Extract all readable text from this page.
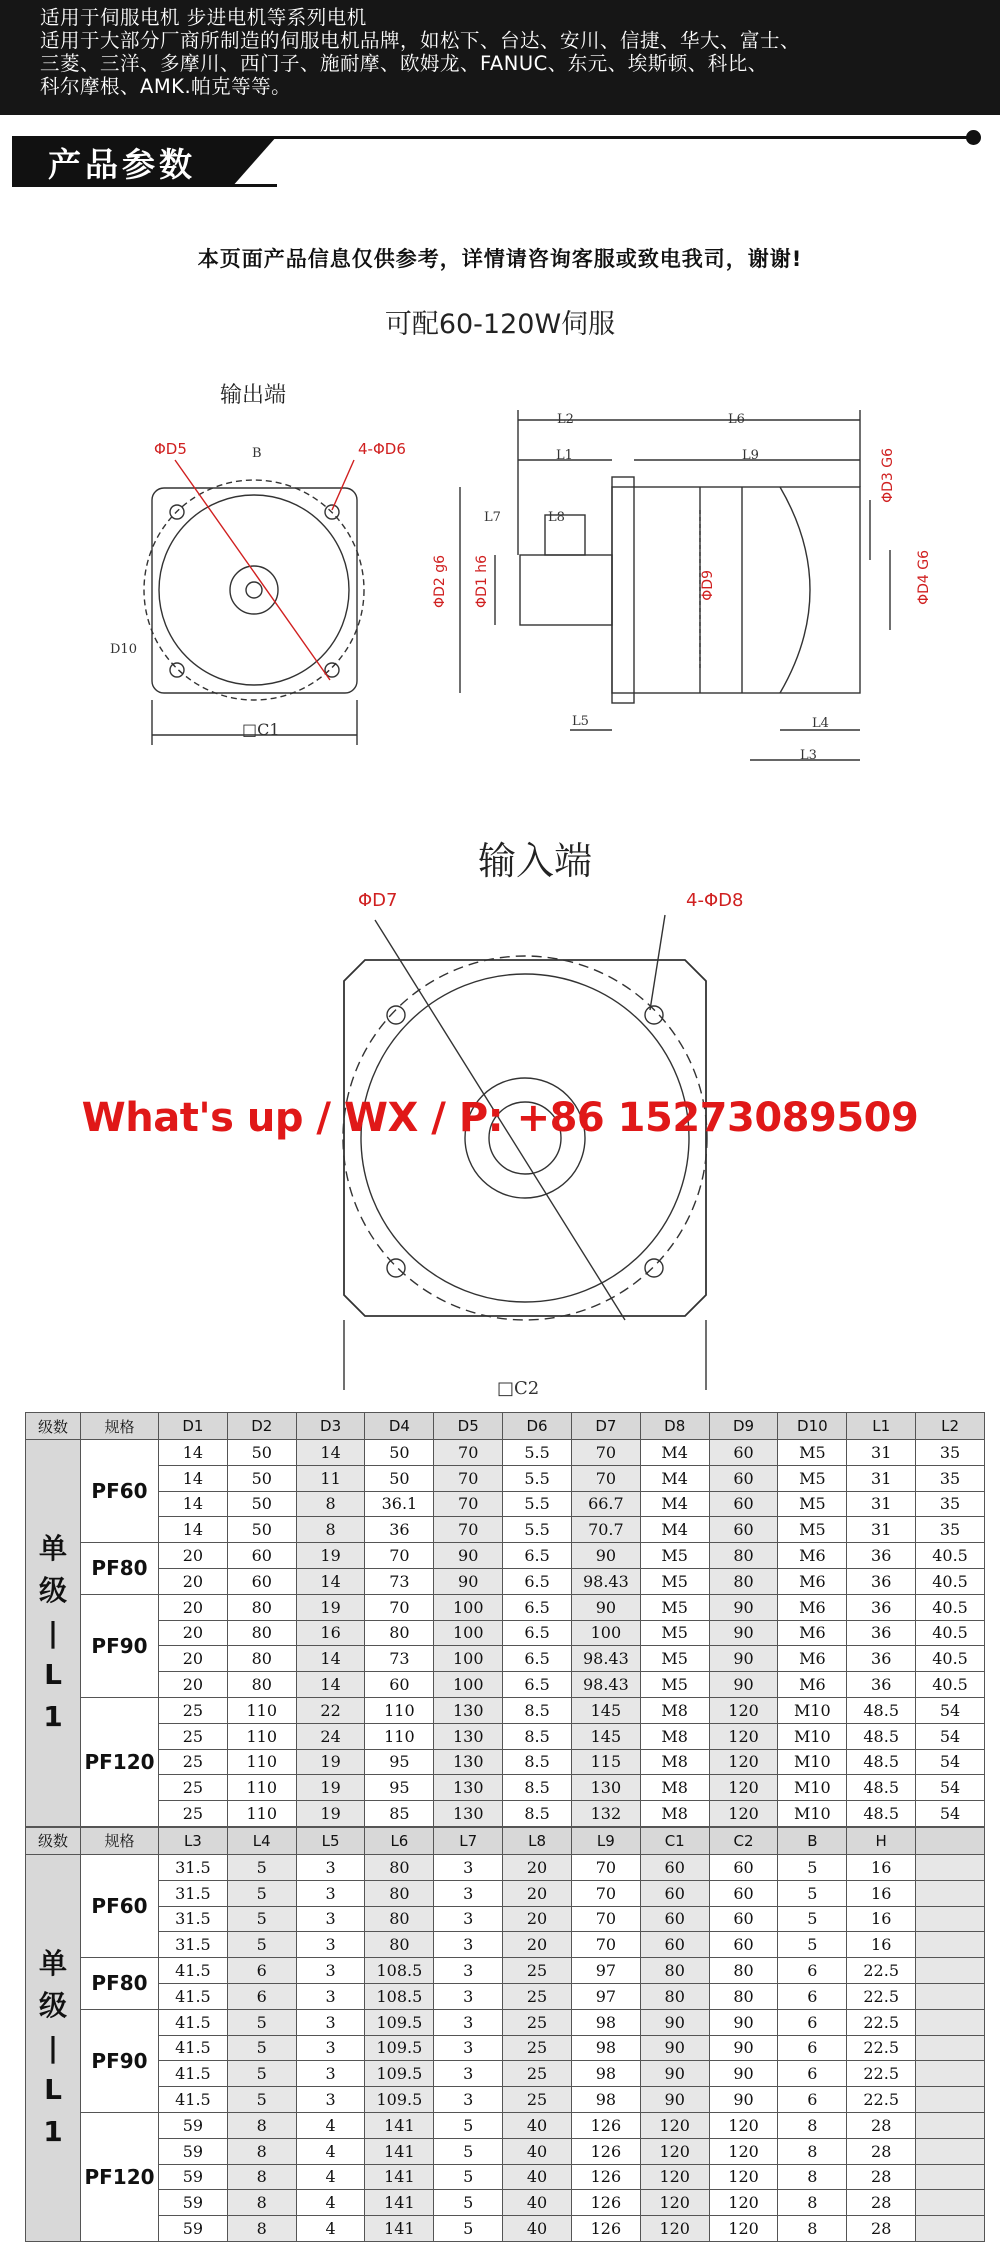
适用于伺服电机 步进电机等系列电机

适用于大部分厂商所制造的伺服电机品牌，如松下、台达、安川、信捷、华大、富士、

三菱、三洋、多摩川、西门子、施耐摩、欧姆龙、FANUC、东元、埃斯顿、科比、

科尔摩根、AMK.帕克等等。

产品参数
本页面产品信息仅供参考，详情请咨询客服或致电我司，谢谢!
可配60-120W伺服
输出端
输入端
ΦD5	4-ΦD6
B
D10
□C1
L2	L6
L1	L9
L7	L8
ΦD3 G6
ΦD4 G6
ΦD2 g6 ΦD1 h6	ΦD9
L5	L4
L3
ΦD7	4-ΦD8
□C2
What's up / WX / P: +86 15273089509
级数	规格	D1	D2	D3	D4	D5	D6	D7	D8	D9	D10	L1	L2
单
级
|
L
1	PF60	14	50	14	50	70	5.5	70	M4	60	M5	31	35
		14	50	11	50	70	5.5	70	M4	60	M5	31	35
		14	50	8	36.1	70	5.5	66.7	M4	60	M5	31	35
		14	50	8	36	70	5.5	70.7	M4	60	M5	31	35
	PF80	20	60	19	70	90	6.5	90	M5	80	M6	36	40.5
		20	60	14	73	90	6.5	98.43	M5	80	M6	36	40.5
	PF90	20	80	19	70	100	6.5	90	M5	90	M6	36	40.5
		20	80	16	80	100	6.5	100	M5	90	M6	36	40.5
		20	80	14	73	100	6.5	98.43	M5	90	M6	36	40.5
		20	80	14	60	100	6.5	98.43	M5	90	M6	36	40.5
	PF120	25	110	22	110	130	8.5	145	M8	120	M10	48.5	54
		25	110	24	110	130	8.5	145	M8	120	M10	48.5	54
		25	110	19	95	130	8.5	115	M8	120	M10	48.5	54
		25	110	19	95	130	8.5	130	M8	120	M10	48.5	54
		25	110	19	85	130	8.5	132	M8	120	M10	48.5	54
级数	规格	L3	L4	L5	L6	L7	L8	L9	C1	C2	B	H	
单
级
|
L
1	PF60	31.5	5	3	80	3	20	70	60	60	5	16	
		31.5	5	3	80	3	20	70	60	60	5	16	
		31.5	5	3	80	3	20	70	60	60	5	16	
		31.5	5	3	80	3	20	70	60	60	5	16	
	PF80	41.5	6	3	108.5	3	25	97	80	80	6	22.5	
		41.5	6	3	108.5	3	25	97	80	80	6	22.5	
	PF90	41.5	5	3	109.5	3	25	98	90	90	6	22.5	
		41.5	5	3	109.5	3	25	98	90	90	6	22.5	
		41.5	5	3	109.5	3	25	98	90	90	6	22.5	
		41.5	5	3	109.5	3	25	98	90	90	6	22.5	
	PF120	59	8	4	141	5	40	126	120	120	8	28	
		59	8	4	141	5	40	126	120	120	8	28	
		59	8	4	141	5	40	126	120	120	8	28	
		59	8	4	141	5	40	126	120	120	8	28	
		59	8	4	141	5	40	126	120	120	8	28	
